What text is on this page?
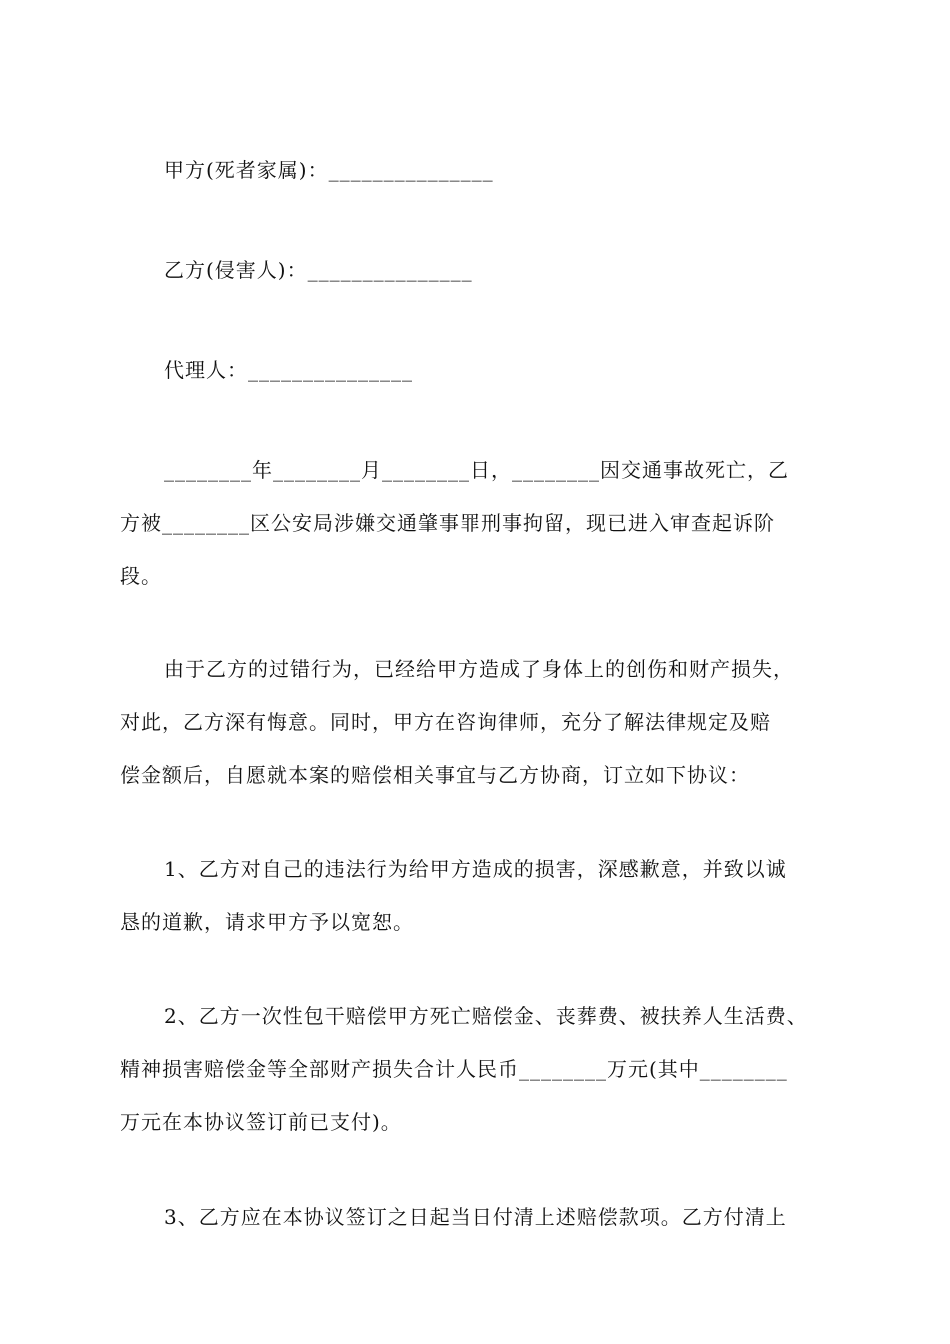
甲方(死者家属)：_______________
乙方(侵害人)：_______________
代理人：_______________
________年________月________日，________因交通事故死亡，乙
方被________区公安局涉嫌交通肇事罪刑事拘留，现已进入审查起诉阶
段。
由于乙方的过错行为，已经给甲方造成了身体上的创伤和财产损失，
对此，乙方深有悔意。同时，甲方在咨询律师，充分了解法律规定及赔
偿金额后，自愿就本案的赔偿相关事宜与乙方协商，订立如下协议：
1、乙方对自己的违法行为给甲方造成的损害，深感歉意，并致以诚
恳的道歉，请求甲方予以宽恕。
2、乙方一次性包干赔偿甲方死亡赔偿金、丧葬费、被扶养人生活费、
精神损害赔偿金等全部财产损失合计人民币________万元(其中________
万元在本协议签订前已支付)。
3、乙方应在本协议签订之日起当日付清上述赔偿款项。乙方付清上
